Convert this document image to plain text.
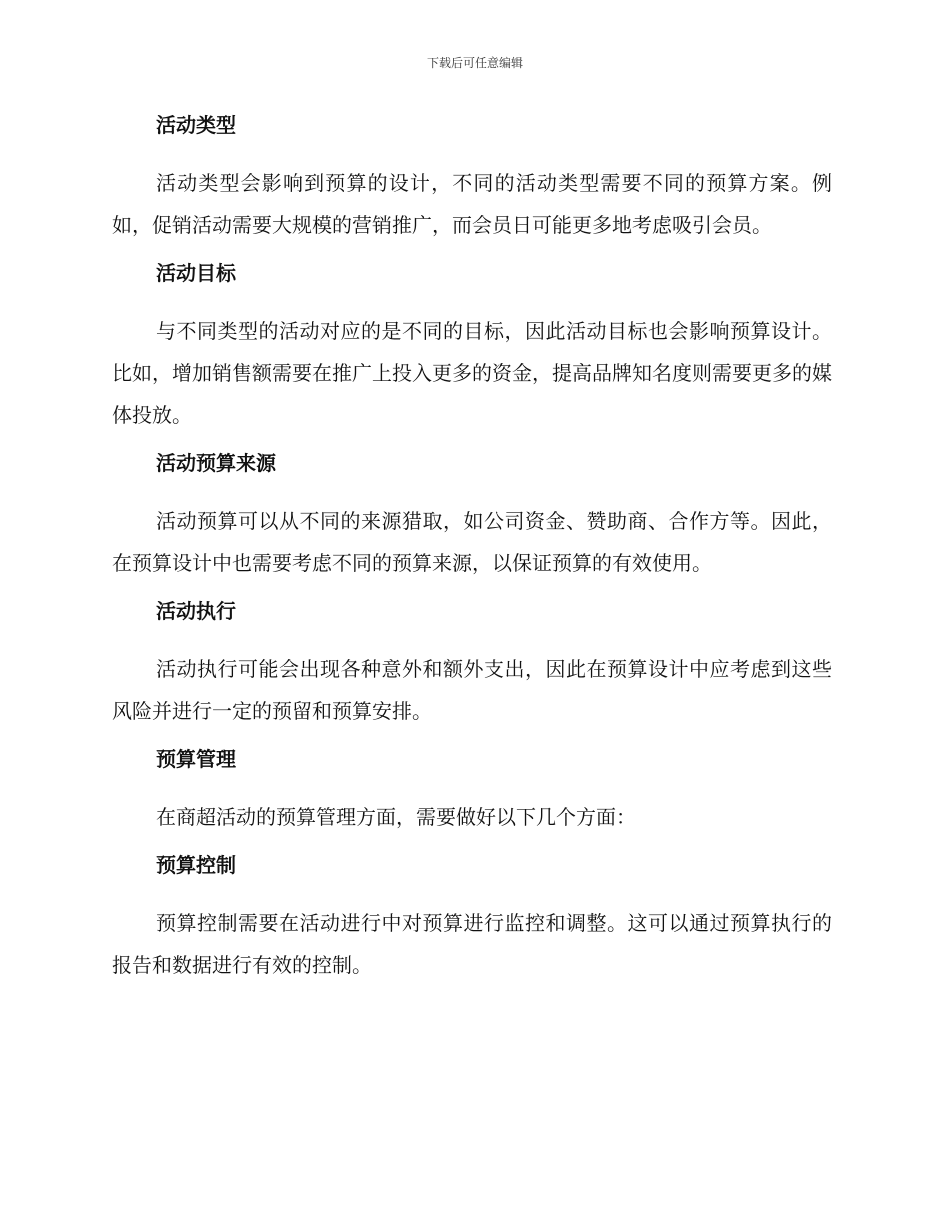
下载后可任意编辑
活动类型

活动类型会影响到预算的设计，不同的活动类型需要不同的预算方案。例如，促销活动需要大规模的营销推广，而会员日可能更多地考虑吸引会员。

活动目标

与不同类型的活动对应的是不同的目标，因此活动目标也会影响预算设计。比如，增加销售额需要在推广上投入更多的资金，提高品牌知名度则需要更多的媒体投放。

活动预算来源

活动预算可以从不同的来源猎取，如公司资金、赞助商、合作方等。因此，在预算设计中也需要考虑不同的预算来源，以保证预算的有效使用。

活动执行

活动执行可能会出现各种意外和额外支出，因此在预算设计中应考虑到这些风险并进行一定的预留和预算安排。

预算管理

在商超活动的预算管理方面，需要做好以下几个方面：

预算控制

预算控制需要在活动进行中对预算进行监控和调整。这可以通过预算执行的报告和数据进行有效的控制。
